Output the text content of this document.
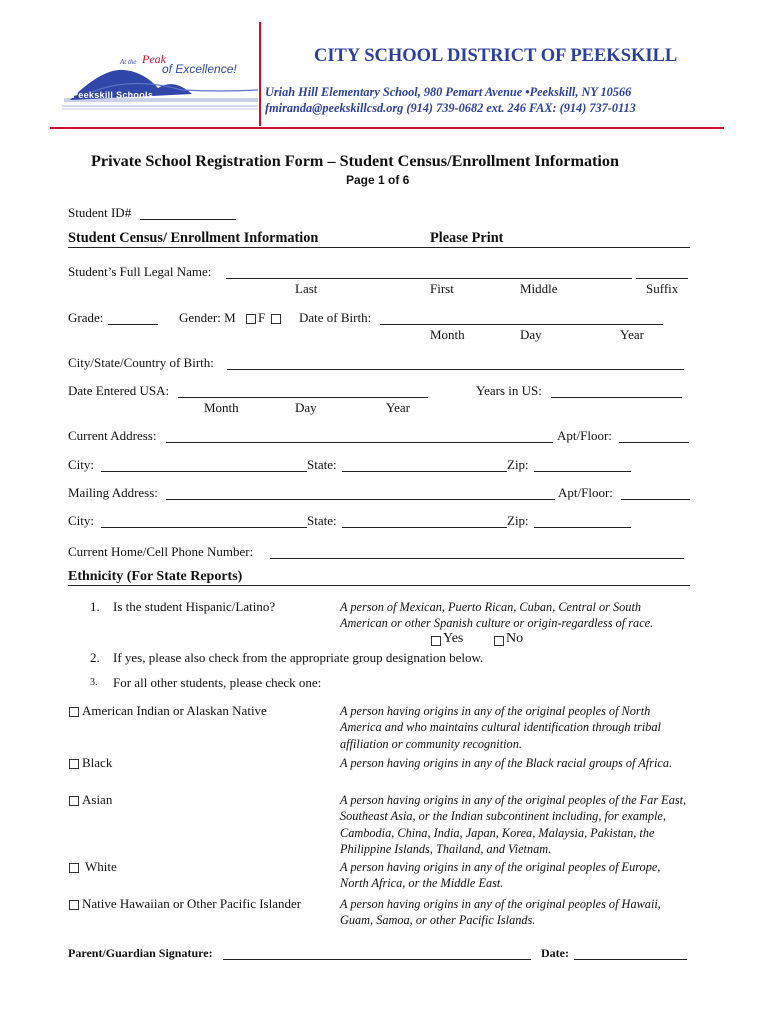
At the Peak
of Excellence!
Peekskill Schools
CITY SCHOOL DISTRICT OF PEEKSKILL
Uriah Hill Elementary School, 980 Pemart Avenue •Peekskill, NY 10566
fmiranda@peekskillcsd.org (914) 739-0682 ext. 246 FAX: (914) 737-0113
Private School Registration Form – Student Census/Enrollment Information
Page 1 of 6
Student ID#
Student Census/ Enrollment Information	Please Print
Student’s Full Legal Name:
Last	First	Middle	Suffix
Grade:	Gender: M F	Date of Birth:
Month	Day	Year
City/State/Country of Birth:
Date Entered USA:
Month	Day	Year
Years in US:
Current Address:	Apt/Floor:
City:	State:	Zip:
Mailing Address:	Apt/Floor:
City:	State:	Zip:
Current Home/Cell Phone Number:
Ethnicity (For State Reports)
1. Is the student Hispanic/Latino?	A person of Mexican, Puerto Rican, Cuban, Central or South American or other Spanish culture or origin-regardless of race.
Yes	No
2. If yes, please also check from the appropriate group designation below.
3. For all other students, please check one:
American Indian or Alaskan Native	A person having origins in any of the original peoples of North America and who maintains cultural identification through tribal affiliation or community recognition.
Black	A person having origins in any of the Black racial groups of Africa.
Asian	A person having origins in any of the original peoples of the Far East, Southeast Asia, or the Indian subcontinent including, for example, Cambodia, China, India, Japan, Korea, Malaysia, Pakistan, the Philippine Islands, Thailand, and Vietnam.
White	A person having origins in any of the original peoples of Europe, North Africa, or the Middle East.
Native Hawaiian or Other Pacific Islander	A person having origins in any of the original peoples of Hawaii, Guam, Samoa, or other Pacific Islands.
Parent/Guardian Signature:	Date:
